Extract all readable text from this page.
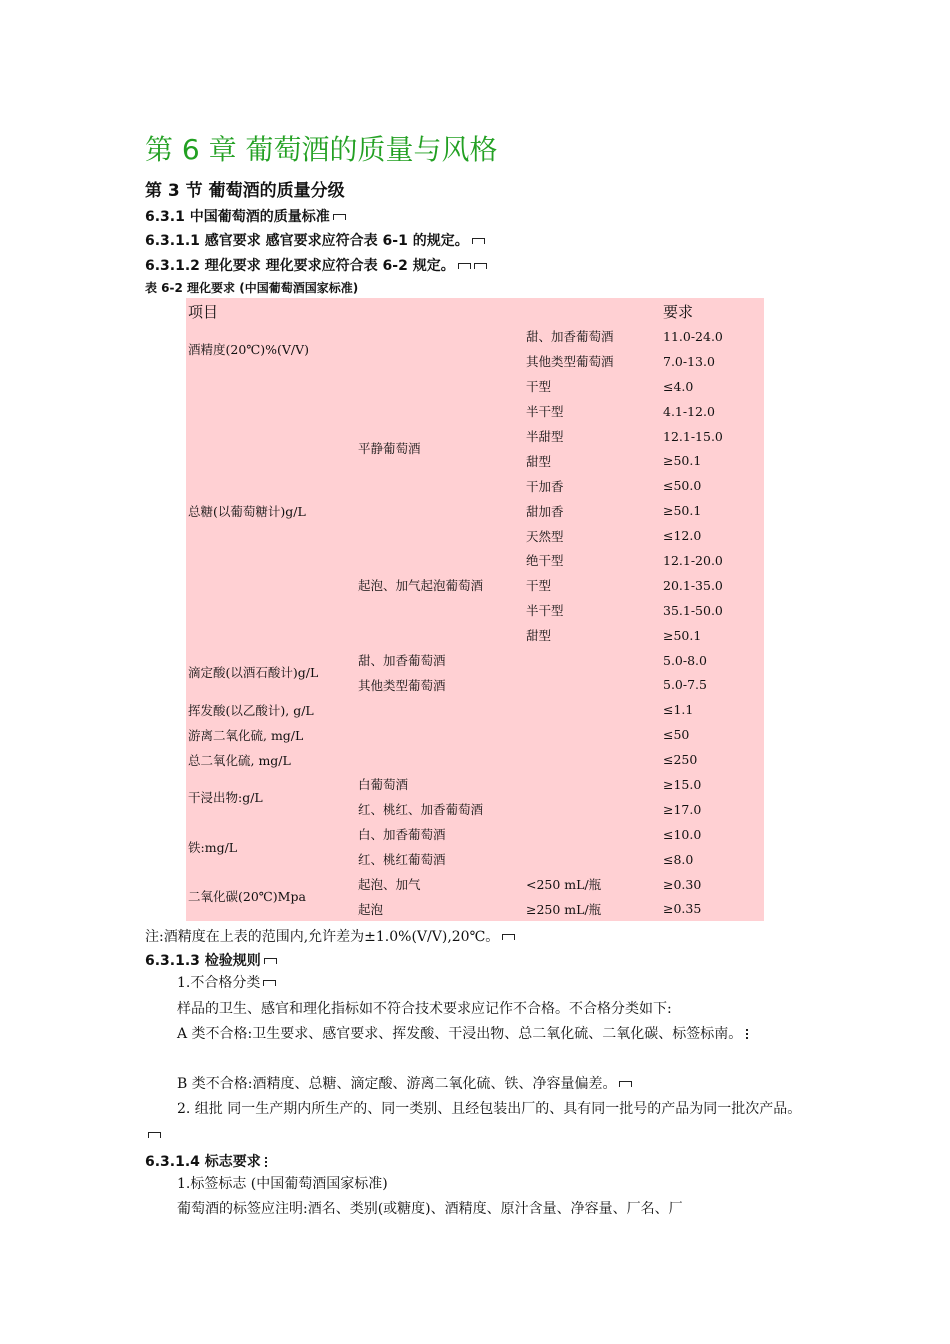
第 6 章 葡萄酒的质量与风格
第 3 节 葡萄酒的质量分级
6.3.1 中国葡萄酒的质量标准
6.3.1.1 感官要求 感官要求应符合表 6-1 的规定。
6.3.1.2 理化要求 理化要求应符合表 6-2 规定。
表 6-2 理化要求 (中国葡萄酒国家标准)
项目			要求
酒精度(20℃)%(V/V)		甜、加香葡萄酒	11.0-24.0
		其他类型葡萄酒	7.0-13.0
总糖(以葡萄糖计)g/L	平静葡萄酒	干型	≤4.0
		半干型	4.1-12.0
		半甜型	12.1-15.0
		甜型	≥50.1
		干加香	≤50.0
		甜加香	≥50.1
	起泡、加气起泡葡萄酒	天然型	≤12.0
		绝干型	12.1-20.0
		干型	20.1-35.0
		半干型	35.1-50.0
		甜型	≥50.1
滴定酸(以酒石酸计)g/L	甜、加香葡萄酒		5.0-8.0
	其他类型葡萄酒		5.0-7.5
挥发酸(以乙酸计), g/L			≤1.1
游离二氧化硫, mg/L			≤50
总二氧化硫, mg/L			≤250
干浸出物:g/L	白葡萄酒		≥15.0
	红、桃红、加香葡萄酒		≥17.0
铁:mg/L	白、加香葡萄酒		≤10.0
	红、桃红葡萄酒		≤8.0
二氧化碳(20℃)Mpa	起泡、加气	<250 mL/瓶	≥0.30
	起泡	≥250 mL/瓶	≥0.35
注:酒精度在上表的范围内,允许差为±1.0%(V/V),20℃。
6.3.1.3 检验规则
1.不合格分类
样品的卫生、感官和理化指标如不符合技术要求应记作不合格。不合格分类如下:
A 类不合格:卫生要求、感官要求、挥发酸、干浸出物、总二氧化硫、二氧化碳、标签标南。
B 类不合格:酒精度、总糖、滴定酸、游离二氧化硫、铁、净容量偏差。
2. 组批 同一生产期内所生产的、同一类别、且经包装出厂的、具有同一批号的产品为同一批次产品。
6.3.1.4 标志要求
1.标签标志 (中国葡萄酒国家标准)
葡萄酒的标签应注明:酒名、类别(或糖度)、酒精度、原汁含量、净容量、厂名、厂
